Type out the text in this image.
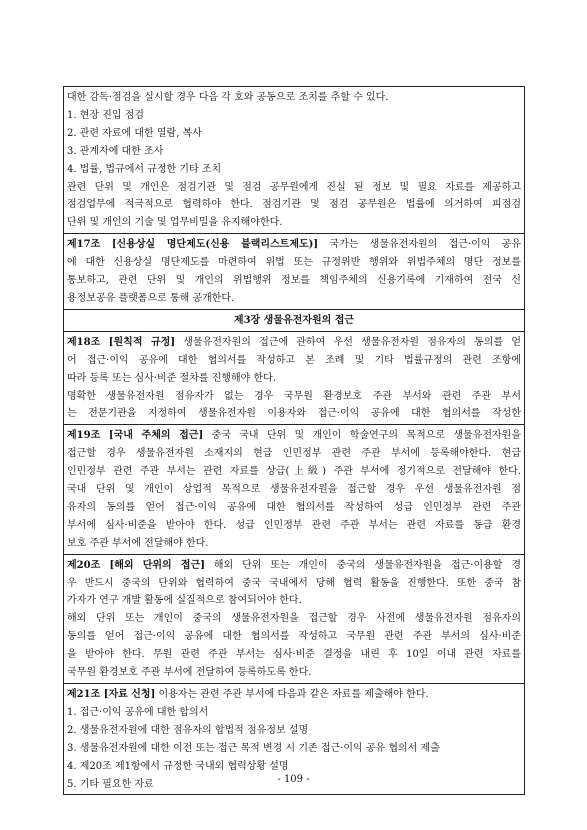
대한 감독·점검을 실시할 경우 다음 각 호와 공동으로 조치를 추할 수 있다.
1. 현장 진입 점검
2. 관련 자료에 대한 열람, 복사
3. 관계자에 대한 조사
4. 법률, 법규에서 규정한 기타 조치
관련 단위 및 개인은 점검기관 및 점검 공무원에게 진실 된 정보 및 필요 자료를 제공하고
점검업무에 적극적으로 협력하야 한다. 점검기관 및 점검 공무원은 법률에 의거하여 피점검
단위 및 개인의 기술 및 업무비밀을 유지해야한다.

제17조 [신용상실 명단제도(신용 블랙리스트제도)] 국가는 생물유전자원의 접근·이익 공유
에 대한 신용상실 명단제도를 마련하여 위법 또는 규정위반 행위와 위법주체의 명단 정보를
통보하고, 관련 단위 및 개인의 위법행위 정보를 책임주체의 신용기록에 기재하여 전국 신
용정보공유 플랫폼으로 통해 공개한다.

제3장 생물유전자원의 접근

제18조 [원칙적 규정] 생물유전자원의 접근에 관하여 우선 생물유전자원 점유자의 동의를 얻
어 접근·이익 공유에 대한 협의서를 작성하고 본 조례 및 기타 법률규정의 관련 조항에
따라 등록 또는 심사·비준 절차를 진행해야 한다.
명확한 생물유전자원 점유자가 없는 경우 국무원 환경보호 주관 부서와 관련 주관 부서
는 전문기관을 지정하여 생물유전자원 이용자와 접근·이익 공유에 대한 협의서를 작성한

제19조 [국내 주체의 접근] 중국 국내 단위 및 개인이 학술연구의 목적으로 생물유전자원을
접근할 경우 생물유전자원 소재지의 현급 인민정부 관련 주관 부서에 등록해야한다. 현급
인민정부 관련 주관 부서는 관련 자료를 상급(上級) 주관 부서에 정기적으로 전달해야 한다.
국내 단위 및 개인이 상업적 목적으로 생물유전자원을 접근할 경우 우선 생물유전자원 점
유자의 동의를 얻어 접근·이익 공유에 대한 협의서를 작성하여 성급 인민정부 관련 주관
부서에 심사·비준을 받아야 한다. 성급 인민정부 관련 주관 부서는 관련 자료를 동급 환경
보호 주관 부서에 전달해야 한다.

제20조 [해외 단위의 접근] 해외 단위 또는 개인이 중국의 생물유전자원을 접근·이용할 경
우 반드시 중국의 단위와 협력하여 중국 국내에서 당해 협력 활동을 진행한다. 또한 중국 참
가자가 연구 개발 활동에 실질적으로 참여되어야 한다.
해외 단위 또는 개인이 중국의 생물유전자원을 접근할 경우 사전에 생물유전자원 점유자의
동의를 얻어 접근·이익 공유에 대한 협의서를 작성하고 국무원 관련 주관 부서의 심사·비준
을 받아야 한다. 무원 관련 주관 부서는 심사·비준 결정을 내린 후 10일 이내 관련 자료를
국무원 환경보호 주관 부서에 전달하여 등록하도록 한다.

제21조 [자료 신청] 이용자는 관련 주관 부서에 다음과 같은 자료를 제출해야 한다.
1. 접근·이익 공유에 대한 합의서
2. 생물유전자원에 대한 점유자의 합법적 점유정보 설명
3. 생물유전자원에 대한 이전 또는 접근 목적 변경 시 기존 접근·이익 공유 협의서 제출
4. 제20조 제1항에서 규정한 국내외 협력상황 설명
5. 기타 필요한 자료	- 109 -
